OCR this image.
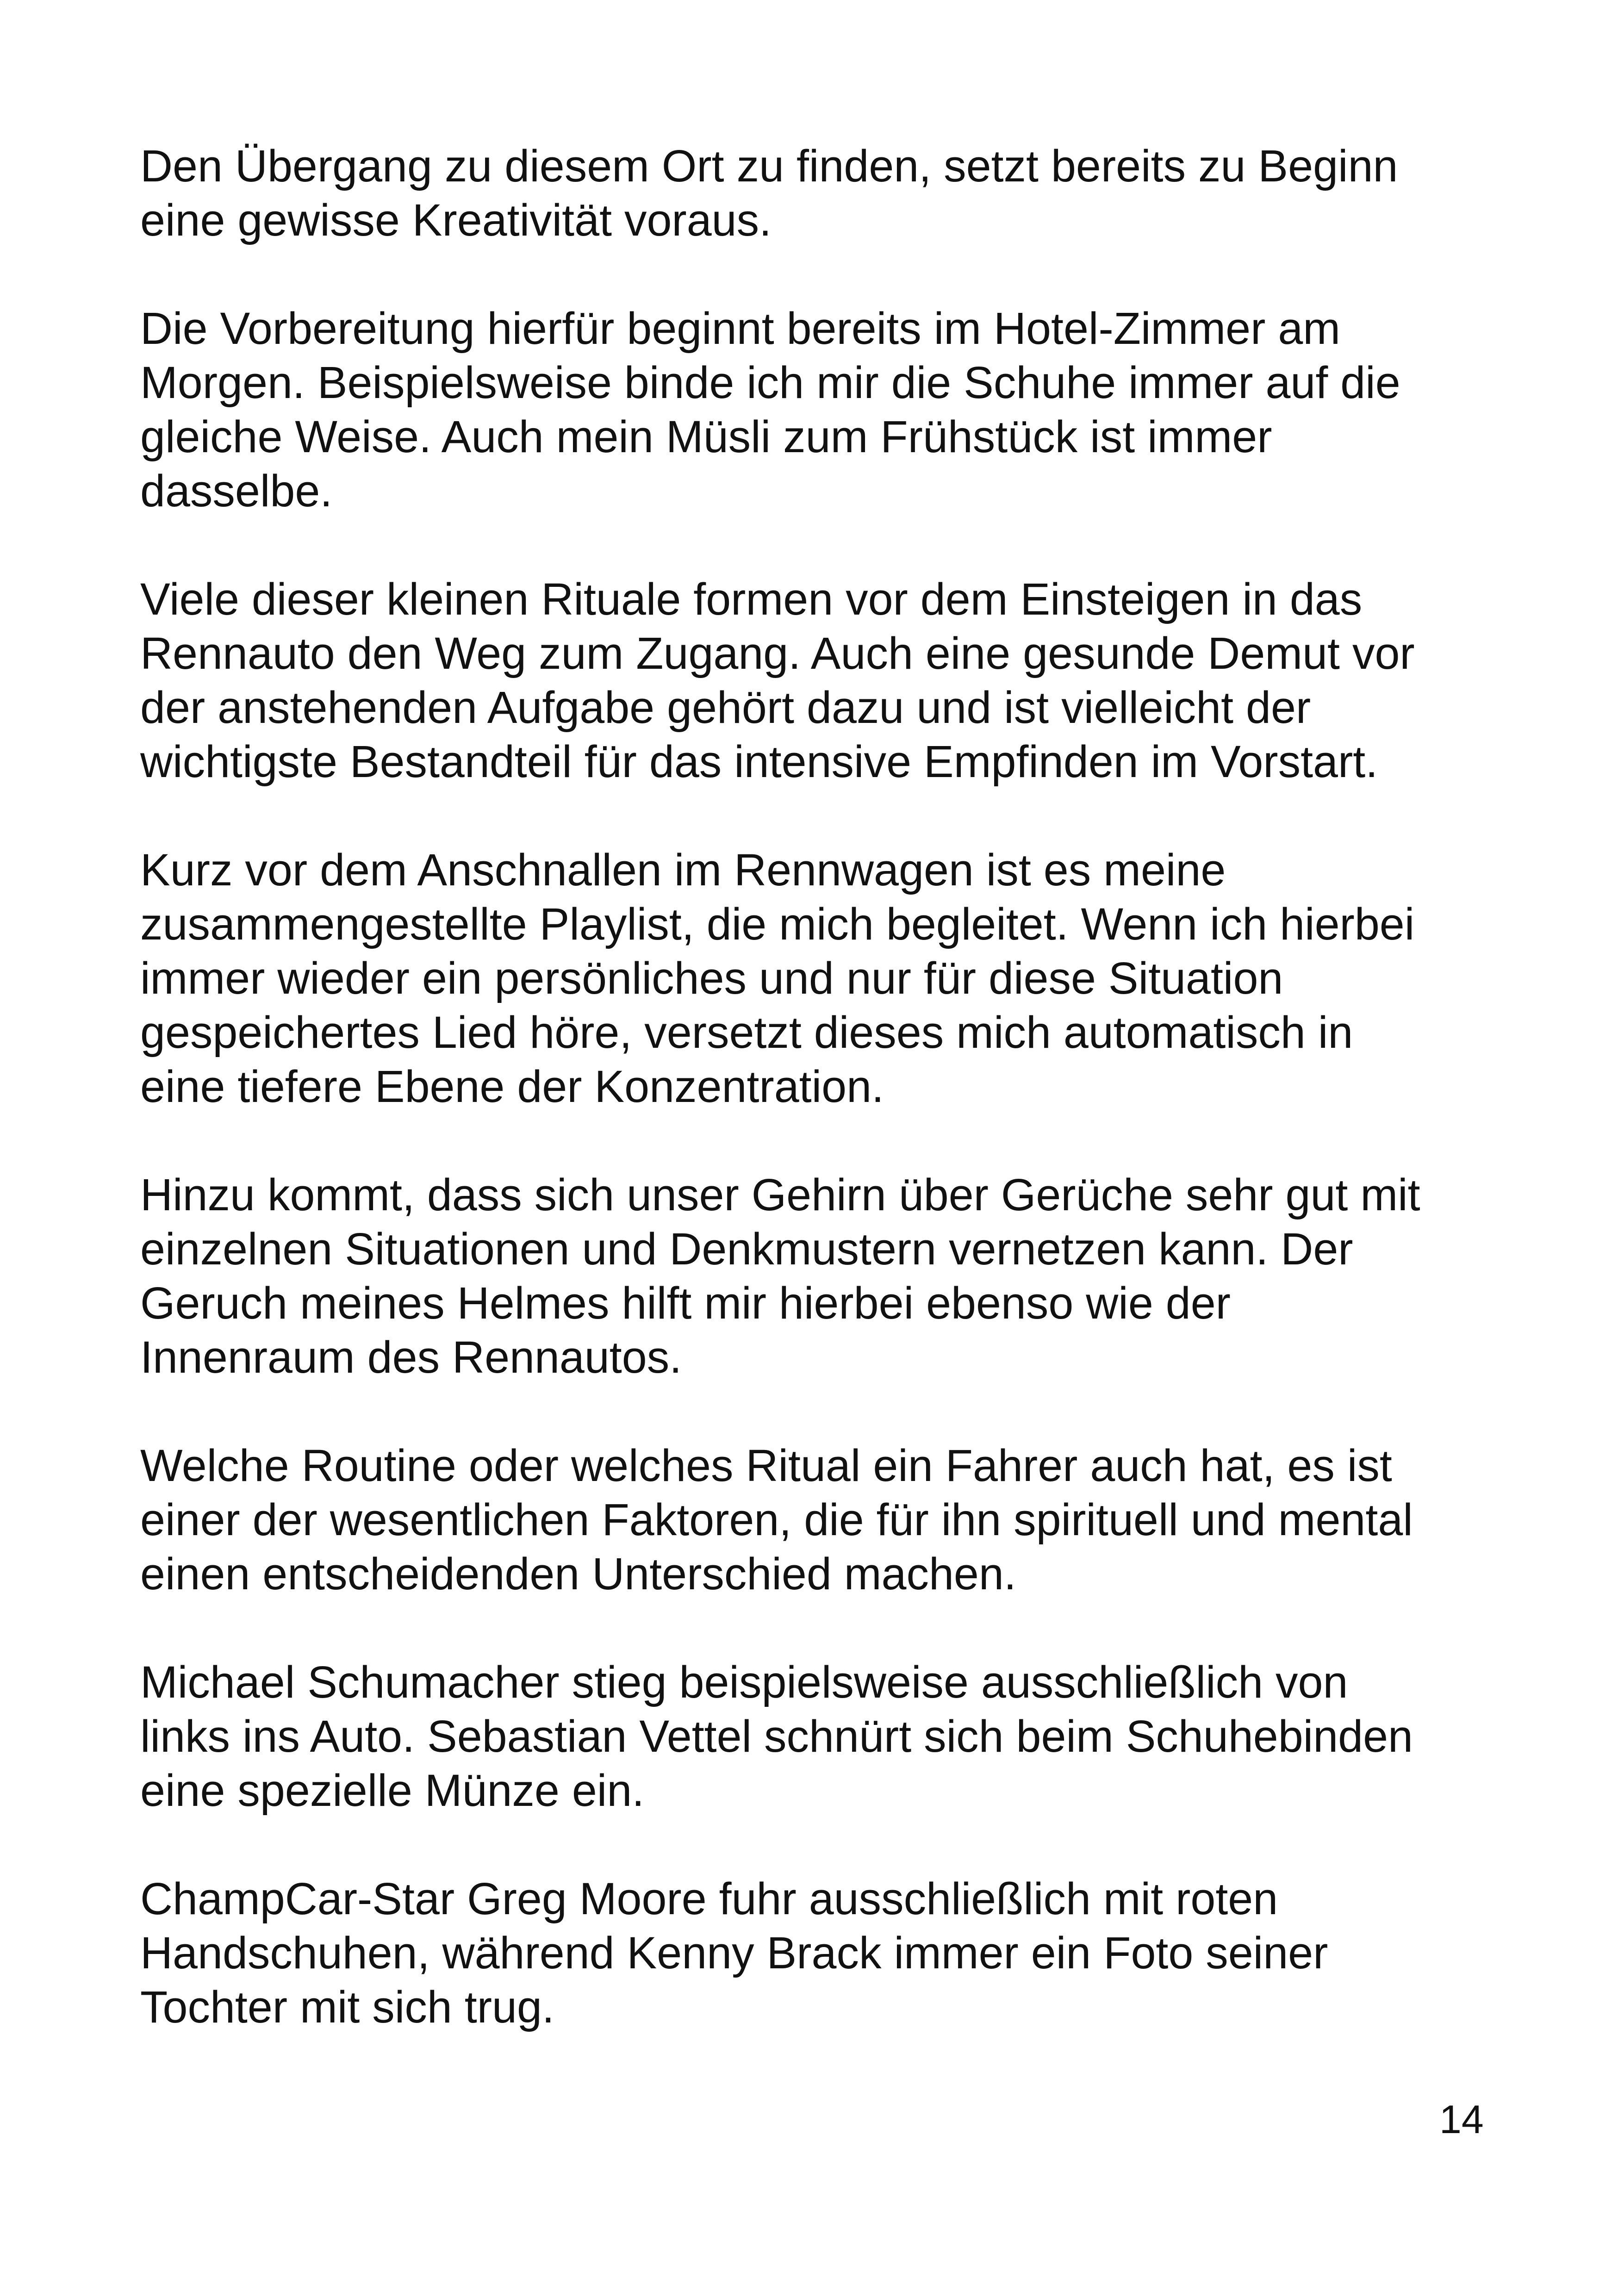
Den Übergang zu diesem Ort zu finden, setzt bereits zu Beginn
eine gewisse Kreativität voraus.

Die Vorbereitung hierfür beginnt bereits im Hotel-Zimmer am
Morgen. Beispielsweise binde ich mir die Schuhe immer auf die
gleiche Weise. Auch mein Müsli zum Frühstück ist immer
dasselbe.

Viele dieser kleinen Rituale formen vor dem Einsteigen in das
Rennauto den Weg zum Zugang. Auch eine gesunde Demut vor
der anstehenden Aufgabe gehört dazu und ist vielleicht der
wichtigste Bestandteil für das intensive Empfinden im Vorstart.

Kurz vor dem Anschnallen im Rennwagen ist es meine
zusammengestellte Playlist, die mich begleitet. Wenn ich hierbei
immer wieder ein persönliches und nur für diese Situation
gespeichertes Lied höre, versetzt dieses mich automatisch in
eine tiefere Ebene der Konzentration.

Hinzu kommt, dass sich unser Gehirn über Gerüche sehr gut mit
einzelnen Situationen und Denkmustern vernetzen kann. Der
Geruch meines Helmes hilft mir hierbei ebenso wie der
Innenraum des Rennautos.

Welche Routine oder welches Ritual ein Fahrer auch hat, es ist
einer der wesentlichen Faktoren, die für ihn spirituell und mental
einen entscheidenden Unterschied machen.

Michael Schumacher stieg beispielsweise ausschließlich von
links ins Auto. Sebastian Vettel schnürt sich beim Schuhebinden
eine spezielle Münze ein.

ChampCar-Star Greg Moore fuhr ausschließlich mit roten
Handschuhen, während Kenny Brack immer ein Foto seiner
Tochter mit sich trug.

14
